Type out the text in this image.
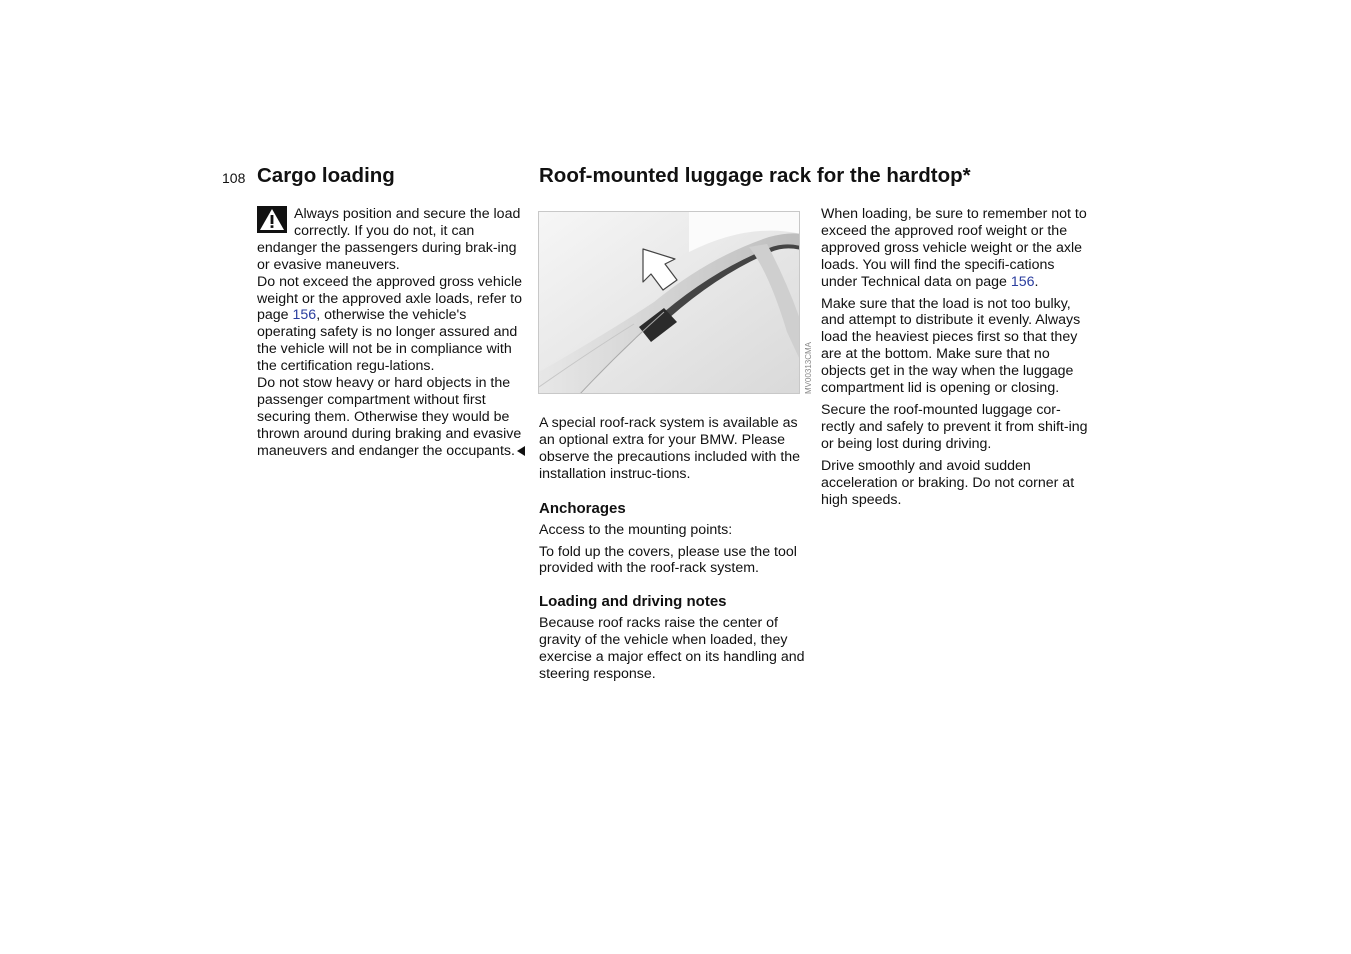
108 Cargo loading	Roof-mounted luggage rack for the hardtop*

Always position and secure the load correctly. If you do not, it can endanger the passengers during brak-ing or evasive maneuvers.

Do not exceed the approved gross vehicle weight or the approved axle loads, refer to page 156, otherwise the vehicle's operating safety is no longer assured and the vehicle will not be in compliance with the certification regu-lations.

Do not stow heavy or hard objects in the passenger compartment without first securing them. Otherwise they would be thrown around during braking and evasive maneuvers and endanger the occupants.

MV00313CMA

A special roof-rack system is available as an optional extra for your BMW. Please observe the precautions included with the installation instruc-tions.

Anchorages

Access to the mounting points:

To fold up the covers, please use the tool provided with the roof-rack system.

Loading and driving notes

Because roof racks raise the center of gravity of the vehicle when loaded, they exercise a major effect on its handling and steering response.

When loading, be sure to remember not to exceed the approved roof weight or the approved gross vehicle weight or the axle loads. You will find the specifi-cations under Technical data on page 156.

Make sure that the load is not too bulky, and attempt to distribute it evenly. Always load the heaviest pieces first so that they are at the bottom. Make sure that no objects get in the way when the luggage compartment lid is opening or closing.

Secure the roof-mounted luggage cor-rectly and safely to prevent it from shift-ing or being lost during driving.

Drive smoothly and avoid sudden acceleration or braking. Do not corner at high speeds.
